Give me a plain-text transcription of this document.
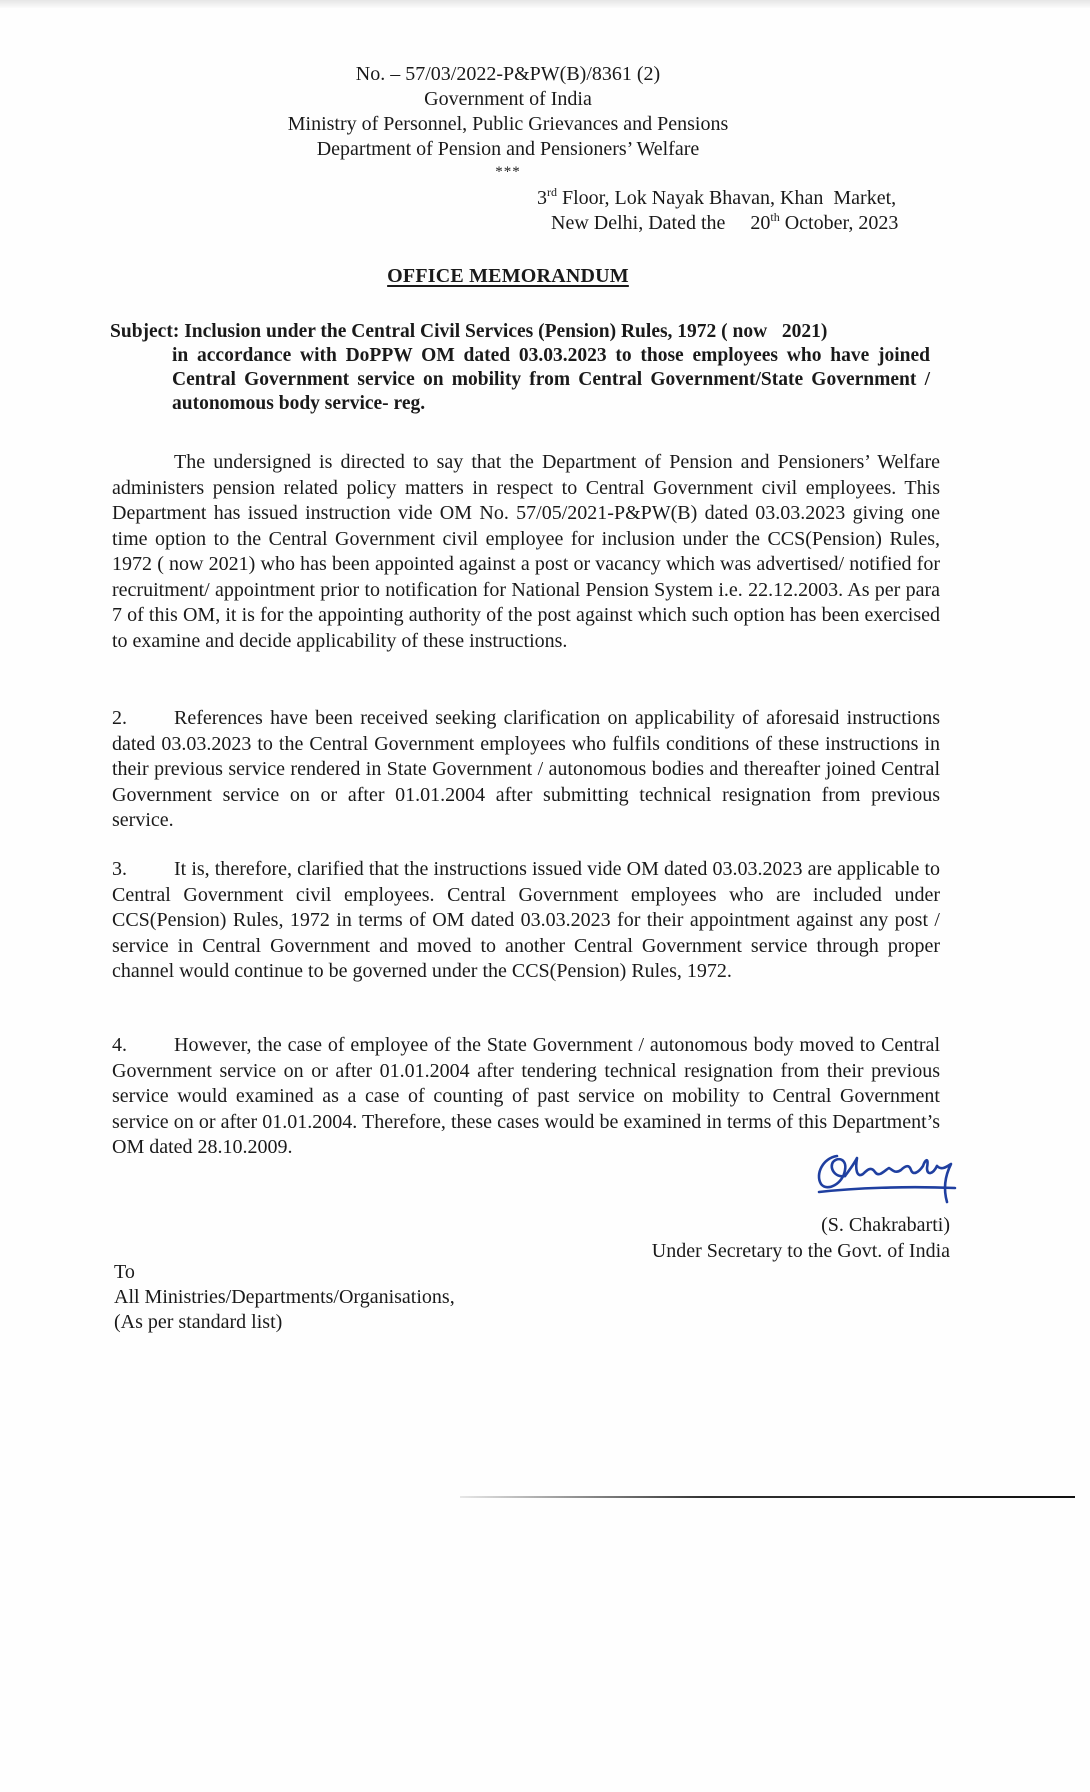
No. – 57/03/2022-P&PW(B)/8361 (2)
Government of India
Ministry of Personnel, Public Grievances and Pensions
Department of Pension and Pensioners’ Welfare
***
3rd Floor, Lok Nayak Bhavan, Khan  Market,
New Delhi, Dated the     20th October, 2023
OFFICE MEMORANDUM
Subject: Inclusion under the Central Civil Services (Pension) Rules, 1972 ( now   2021)
in accordance with DoPPW OM dated 03.03.2023 to those employees who have joined Central Government service on mobility from Central Government/State Government / autonomous body service- reg.
The undersigned is directed to say that the Department of Pension and Pensioners’ Welfare administers pension related policy matters in respect to Central Government civil employees. This Department has issued instruction vide OM No. 57/05/2021-P&PW(B) dated 03.03.2023 giving one time option to the Central Government civil employee for inclusion under the CCS(Pension) Rules, 1972 ( now 2021) who has been appointed against a post or vacancy which was advertised/ notified for recruitment/ appointment prior to notification for National Pension System i.e. 22.12.2003. As per para 7 of this OM, it is for the appointing authority of the post against which such option has been exercised to examine and decide applicability of these instructions.
2. References have been received seeking clarification on applicability of aforesaid instructions dated 03.03.2023 to the Central Government employees who fulfils conditions of these instructions in their previous service rendered in State Government / autonomous bodies and thereafter joined Central Government service on or after 01.01.2004 after submitting technical resignation from previous service.
3. It is, therefore, clarified that the instructions issued vide OM dated 03.03.2023 are applicable to Central Government civil employees. Central Government employees who are included under CCS(Pension) Rules, 1972 in terms of OM dated 03.03.2023 for their appointment against any post / service in Central Government and moved to another Central Government service through proper channel would continue to be governed under the CCS(Pension) Rules, 1972.
4. However, the case of employee of the State Government / autonomous body moved to Central Government service on or after 01.01.2004 after tendering technical resignation from their previous service would examined as a case of counting of past service on mobility to Central Government service on or after 01.01.2004. Therefore, these cases would be examined in terms of this Department’s OM dated 28.10.2009.
(S. Chakrabarti)
Under Secretary to the Govt. of India
To
All Ministries/Departments/Organisations,
(As per standard list)
